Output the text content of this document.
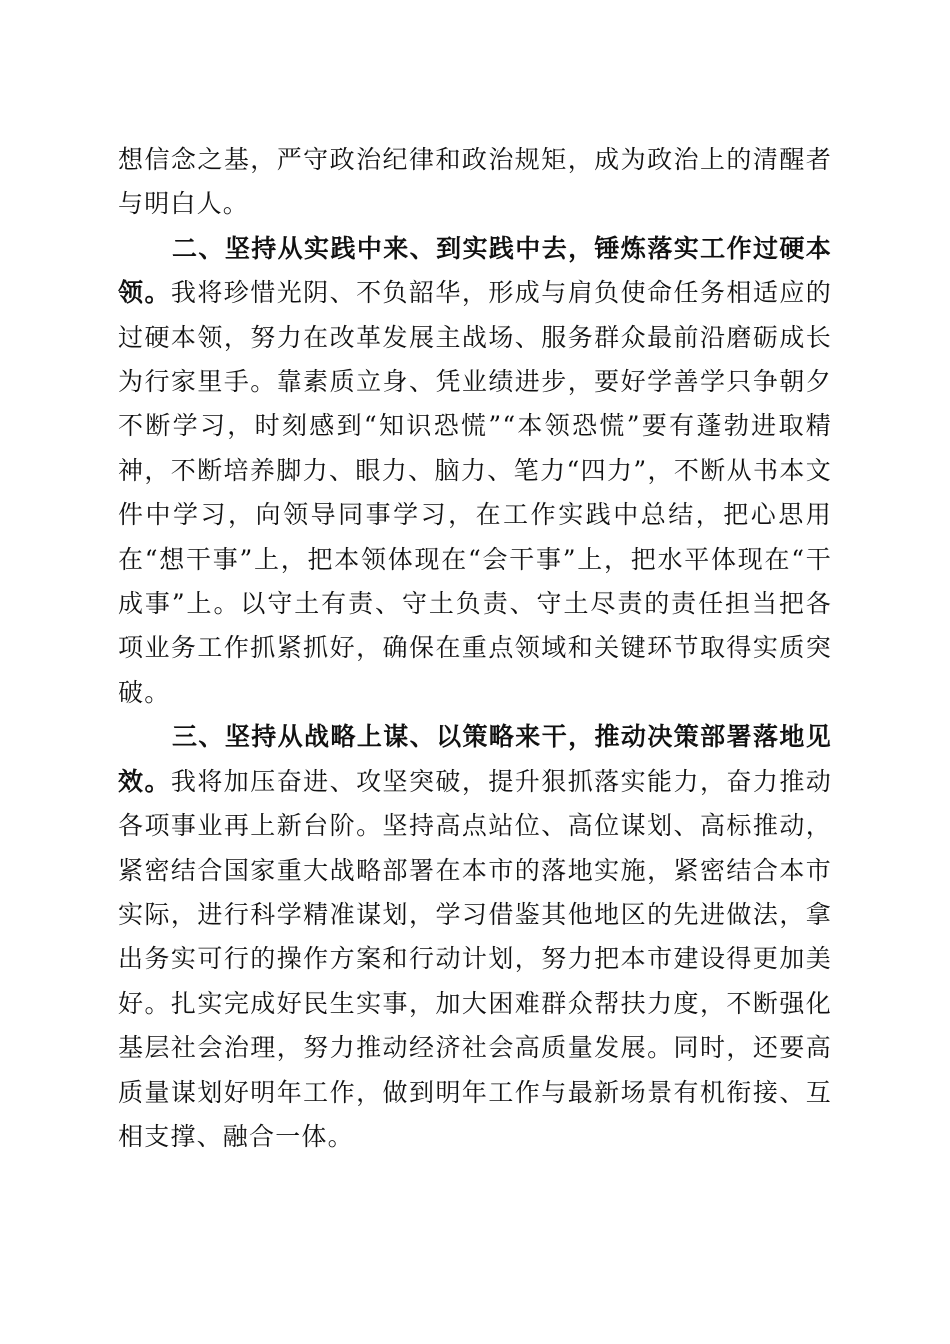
想信念之基，严守政治纪律和政治规矩，成为政治上的清醒者与明白人。

二、坚持从实践中来、到实践中去，锤炼落实工作过硬本领。我将珍惜光阴、不负韶华，形成与肩负使命任务相适应的过硬本领，努力在改革发展主战场、服务群众最前沿磨砺成长为行家里手。靠素质立身、凭业绩进步，要好学善学只争朝夕不断学习，时刻感到“知识恐慌”“本领恐慌”要有蓬勃进取精神，不断培养脚力、眼力、脑力、笔力“四力”，不断从书本文件中学习，向领导同事学习，在工作实践中总结，把心思用在“想干事”上，把本领体现在“会干事”上，把水平体现在“干成事”上。以守土有责、守土负责、守土尽责的责任担当把各项业务工作抓紧抓好，确保在重点领域和关键环节取得实质突破。

三、坚持从战略上谋、以策略来干，推动决策部署落地见效。我将加压奋进、攻坚突破，提升狠抓落实能力，奋力推动各项事业再上新台阶。坚持高点站位、高位谋划、高标推动，紧密结合国家重大战略部署在本市的落地实施，紧密结合本市实际，进行科学精准谋划，学习借鉴其他地区的先进做法，拿出务实可行的操作方案和行动计划，努力把本市建设得更加美好。扎实完成好民生实事，加大困难群众帮扶力度，不断强化基层社会治理，努力推动经济社会高质量发展。同时，还要高质量谋划好明年工作，做到明年工作与最新场景有机衔接、互相支撑、融合一体。
